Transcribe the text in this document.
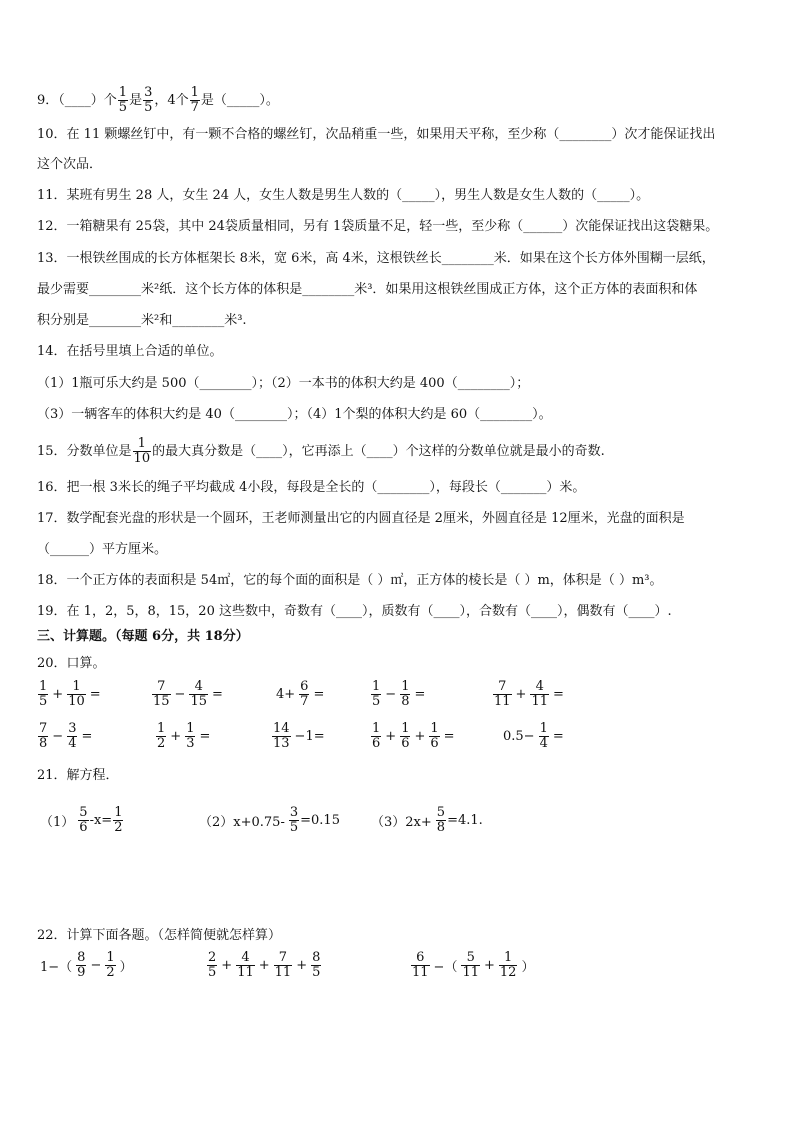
9．（____）个 $\frac{1}{5}$ 是 $\frac{3}{5}$ ，4个 $\frac{1}{7}$ 是（_____）。
10．在 11 颗螺丝钉中，有一颗不合格的螺丝钉，次品稍重一些，如果用天平称，至少称（________）次才能保证找出
这个次品．
11．某班有男生 28 人，女生 24 人，女生人数是男生人数的（_____），男生人数是女生人数的（_____）。
12．一箱糖果有 25袋，其中 24袋质量相同，另有 1袋质量不足，轻一些，至少称（______）次能保证找出这袋糖果。
13．一根铁丝围成的长方体框架长 8米，宽 6米，高 4米，这根铁丝长________米．如果在这个长方体外围糊一层纸，
最少需要________米²纸．这个长方体的体积是________米³．如果用这根铁丝围成正方体，这个正方体的表面积和体
积分别是________米²和________米³.
14．在括号里填上合适的单位。
（1）1瓶可乐大约是 500（________）；（2）一本书的体积大约是 400（________）；
（3）一辆客车的体积大约是 40（________）；（4）1个梨的体积大约是 60（________）。
15．分数单位是 $\frac{1}{10}$ 的最大真分数是（____），它再添上（____）个这样的分数单位就是最小的奇数.
16．把一根 3米长的绳子平均截成 4小段，每段是全长的（________），每段长（_______）米。
17．数学配套光盘的形状是一个圆环，王老师测量出它的内圆直径是 2厘米，外圆直径是 12厘米，光盘的面积是
（______）平方厘米。
18．一个正方体的表面积是 54㎡，它的每个面的面积是（ ）㎡，正方体的棱长是（ ）m，体积是（ ）m³。
19．在 1，2，5，8，15，20 这些数中，奇数有（____），质数有（____），合数有（____），偶数有（____）.
三、计算题。（每题 6分，共 18分）
20．口算。
$\frac{1}{5} + \frac{1}{10}$ =	$\frac{7}{15} - \frac{4}{15}$ =	$4+ \frac{6}{7}$ =	$\frac{1}{5} - \frac{1}{8}$ =	$\frac{7}{11} + \frac{4}{11}$ =
$\frac{7}{8} - \frac{3}{4}$ =	$\frac{1}{2} + \frac{1}{3}$ =	$\frac{14}{13} -1=$	$\frac{1}{6} + \frac{1}{6} + \frac{1}{6}$ =	$0.5- \frac{1}{4}$ =
21．解方程．
$(1) \frac{5}{6} -x= \frac{1}{2}$	$(2)x+0.75- \frac{3}{5} =0.15$ $(3)2x+ \frac{5}{8} =4.1$.
22．计算下面各题。（怎样简便就怎样算）
$1-( \frac{8}{9} - \frac{1}{2}$ ）	$\frac{2}{5} + \frac{4}{11} + \frac{7}{11} + \frac{8}{5}$	$\frac{6}{11}$ −（ $\frac{5}{11} + \frac{1}{12}$ ）
